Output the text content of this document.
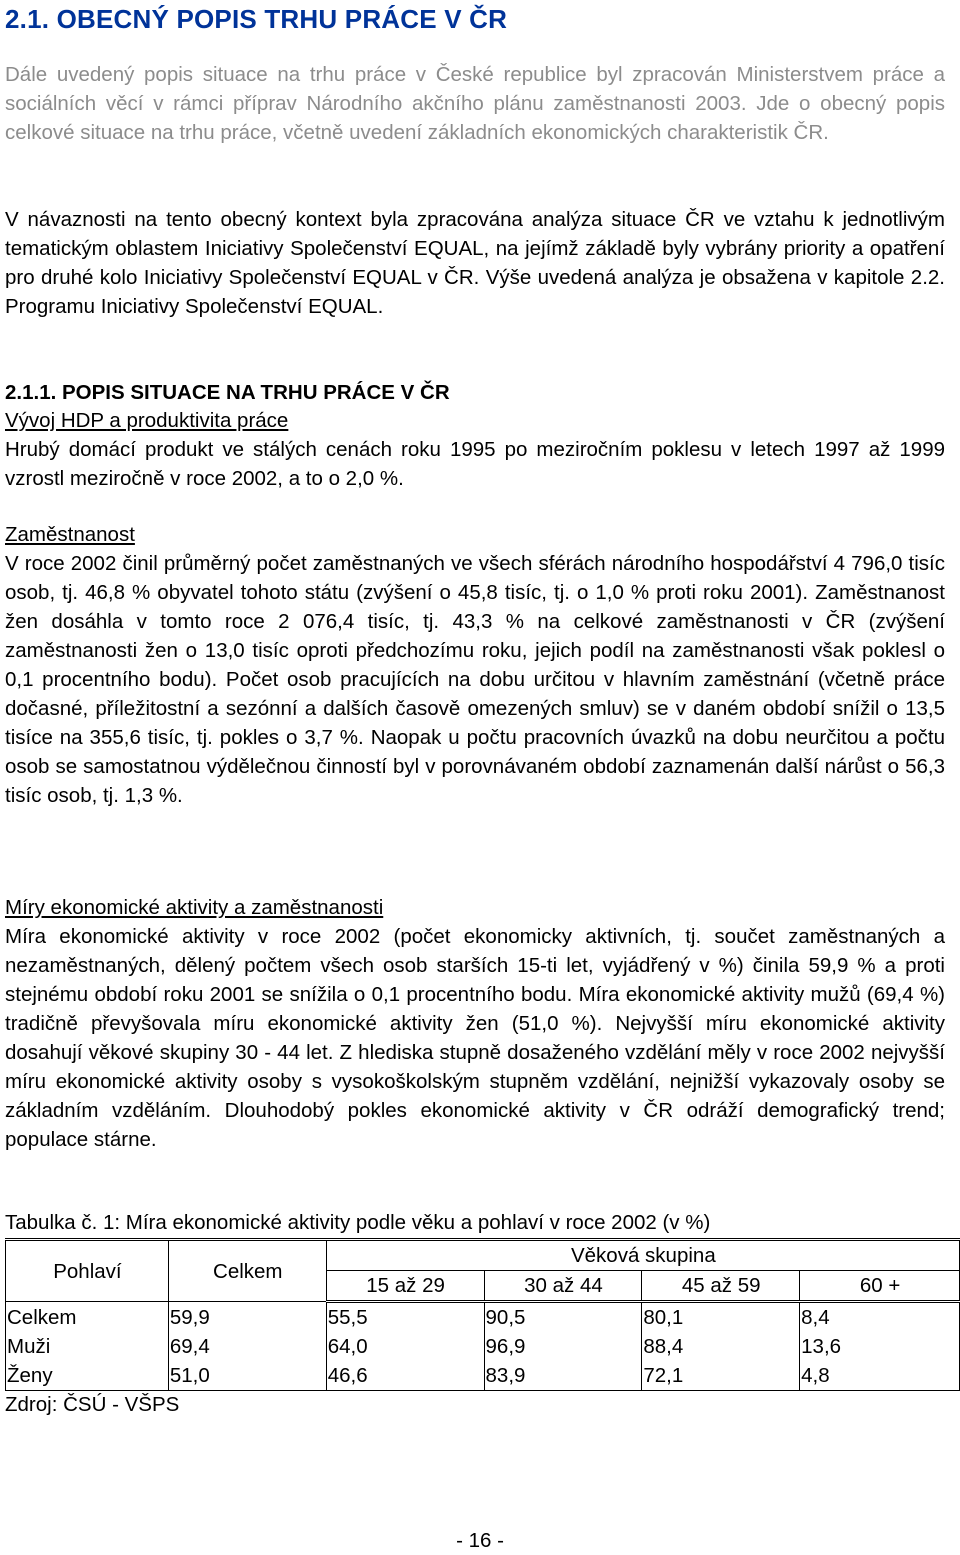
2.1. OBECNÝ POPIS TRHU PRÁCE V ČR

Dále uvedený popis situace na trhu práce v České republice byl zpracován Ministerstvem práce a sociálních věcí v rámci příprav Národního akčního plánu zaměstnanosti 2003. Jde o obecný popis celkové situace na trhu práce, včetně uvedení základních ekonomických charakteristik ČR.

V návaznosti na tento obecný kontext byla zpracována analýza situace ČR ve vztahu k jednotlivým tematickým oblastem Iniciativy Společenství EQUAL, na jejímž základě byly vybrány priority a opatření pro druhé kolo Iniciativy Společenství EQUAL v ČR. Výše uvedená analýza je obsažena v kapitole 2.2. Programu Iniciativy Společenství EQUAL.

2.1.1. POPIS SITUACE NA TRHU PRÁCE V ČR
Vývoj HDP a produktivita práce
Hrubý domácí produkt ve stálých cenách roku 1995 po meziročním poklesu v letech 1997 až 1999 vzrostl meziročně v roce 2002, a to o 2,0 %.
Zaměstnanost
V roce 2002 činil průměrný počet zaměstnaných ve všech sférách národního hospodářství 4 796,0 tisíc osob, tj. 46,8 % obyvatel tohoto státu (zvýšení o 45,8 tisíc, tj. o 1,0 % proti roku 2001). Zaměstnanost žen dosáhla v tomto roce 2 076,4 tisíc, tj. 43,3 % na celkové zaměstnanosti v ČR (zvýšení zaměstnanosti žen o 13,0 tisíc oproti předchozímu roku, jejich podíl na zaměstnanosti však poklesl o 0,1 procentního bodu). Počet osob pracujících na dobu určitou v hlavním zaměstnání (včetně práce dočasné, příležitostní a sezónní a dalších časově omezených smluv) se v daném období snížil o 13,5 tisíce na 355,6 tisíc, tj. pokles o 3,7 %. Naopak u počtu pracovních úvazků na dobu neurčitou a počtu osob se samostatnou výdělečnou činností byl v porovnávaném období zaznamenán další nárůst o 56,3 tisíc osob, tj. 1,3 %.
Míry ekonomické aktivity a zaměstnanosti
Míra ekonomické aktivity v roce 2002 (počet ekonomicky aktivních, tj. součet zaměstnaných a nezaměstnaných, dělený počtem všech osob starších 15-ti let, vyjádřený v %) činila 59,9 % a proti stejnému období roku 2001 se snížila o 0,1 procentního bodu. Míra ekonomické aktivity mužů (69,4 %) tradičně převyšovala míru ekonomické aktivity žen (51,0 %). Nejvyšší míru ekonomické aktivity dosahují věkové skupiny 30 - 44 let. Z hlediska stupně dosaženého vzdělání měly v roce 2002 nejvyšší míru ekonomické aktivity osoby s vysokoškolským stupněm vzdělání, nejnižší vykazovaly osoby se základním vzděláním. Dlouhodobý pokles ekonomické aktivity v ČR odráží demografický trend; populace stárne.

Tabulka č. 1: Míra ekonomické aktivity podle věku a pohlaví v roce 2002 (v %)

Pohlaví	Celkem	Věková skupina			
		15 až 29	30 až 44	45 až 59	60 +
Celkem	59,9	55,5	90,5	80,1	8,4
Muži	69,4	64,0	96,9	88,4	13,6
Ženy	51,0	46,6	83,9	72,1	4,8

Zdroj: ČSÚ - VŠPS

- 16 -
